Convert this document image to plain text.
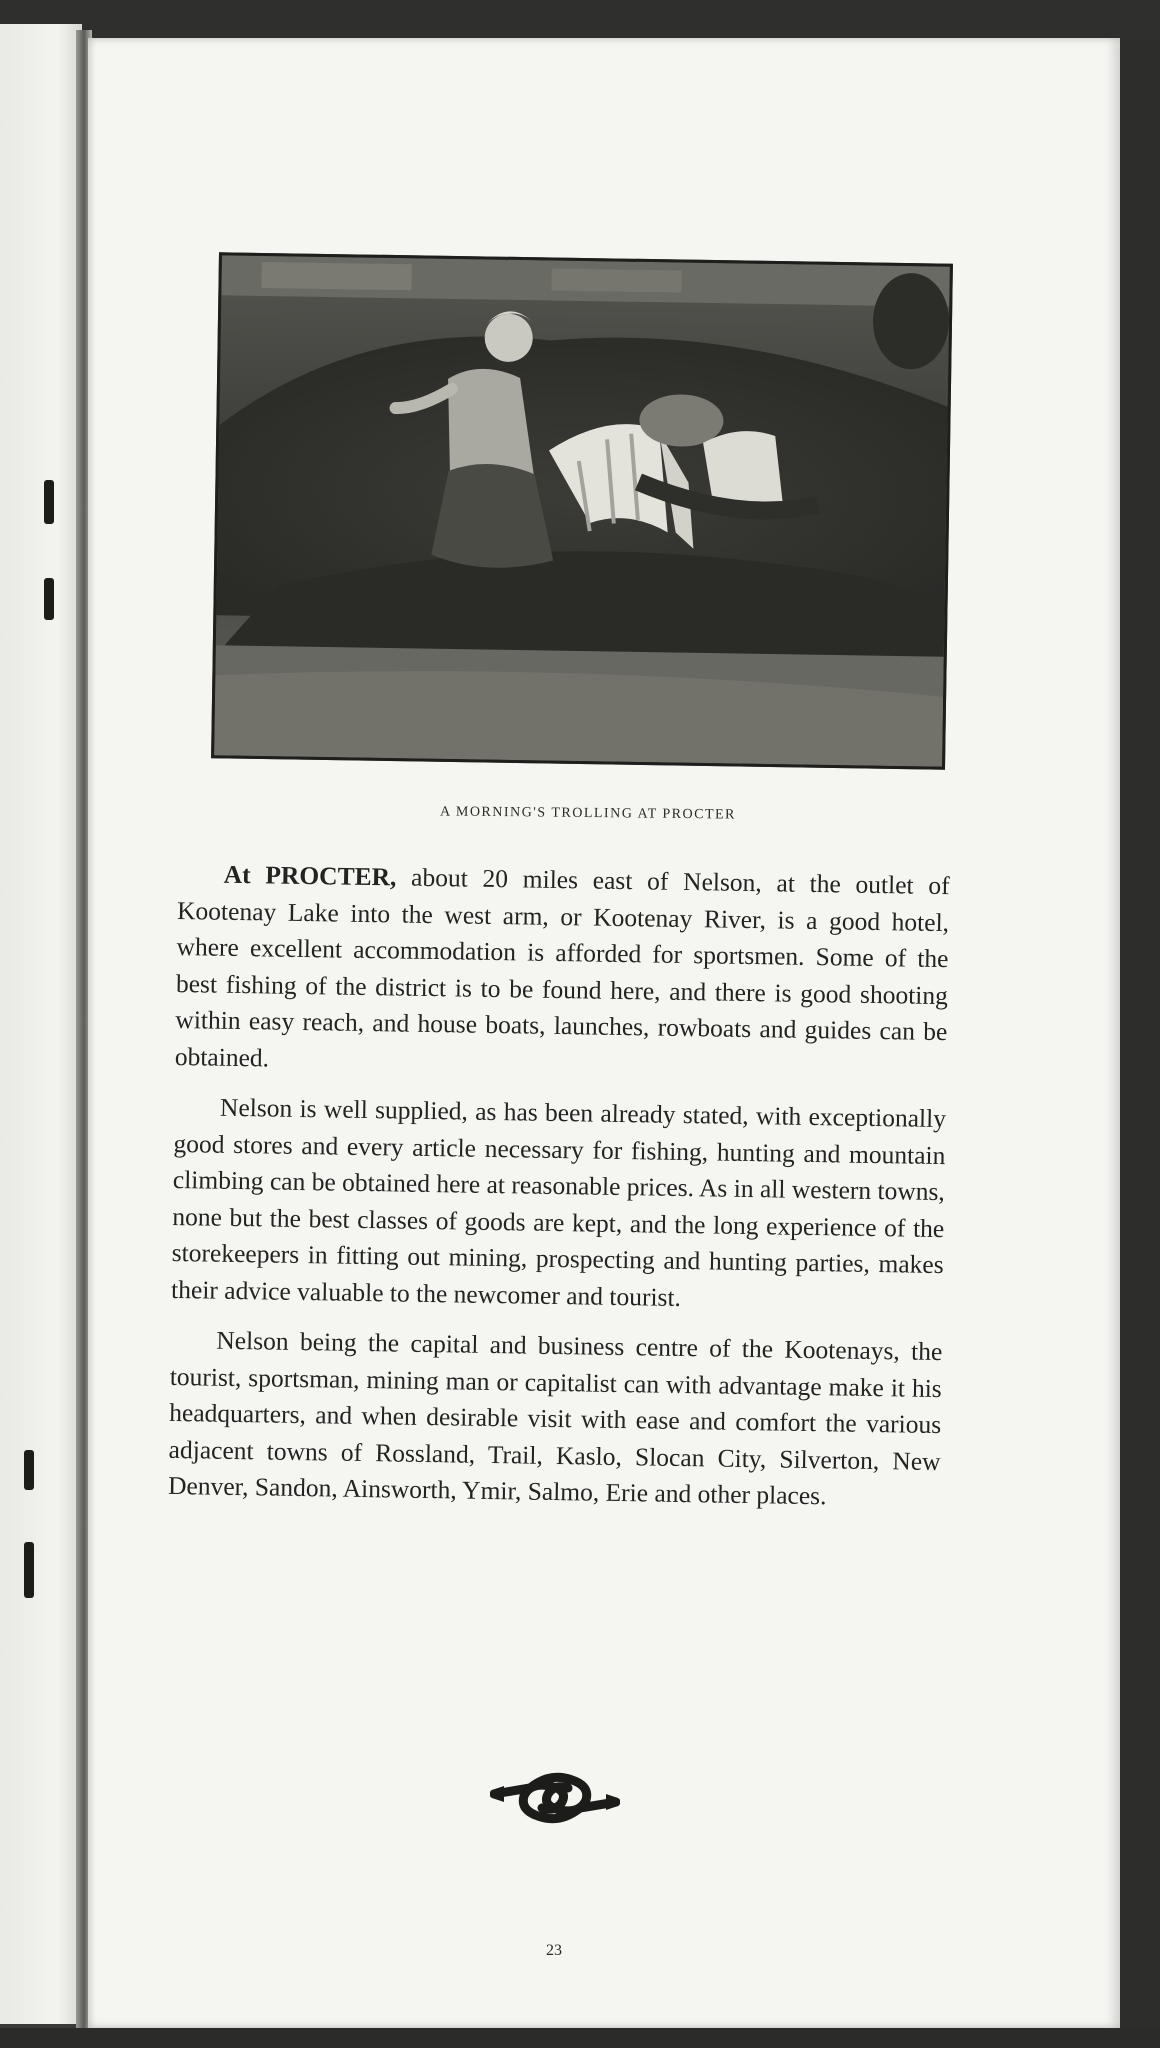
A MORNING'S TROLLING AT PROCTER

At PROCTER, about 20 miles east of Nelson, at the outlet of Kootenay Lake into the west arm, or Kootenay River, is a good hotel, where excellent accommodation is afforded for sportsmen. Some of the best fishing of the district is to be found here, and there is good shooting within easy reach, and house boats, launches, rowboats and guides can be obtained.

Nelson is well supplied, as has been already stated, with exceptionally good stores and every article necessary for fishing, hunting and mountain climbing can be obtained here at reasonable prices. As in all western towns, none but the best classes of goods are kept, and the long experience of the storekeepers in fitting out mining, prospecting and hunting parties, makes their advice valuable to the newcomer and tourist.

Nelson being the capital and business centre of the Kootenays, the tourist, sportsman, mining man or capitalist can with advantage make it his headquarters, and when desirable visit with ease and comfort the various adjacent towns of Rossland, Trail, Kaslo, Slocan City, Silverton, New Denver, Sandon, Ainsworth, Ymir, Salmo, Erie and other places.

23
